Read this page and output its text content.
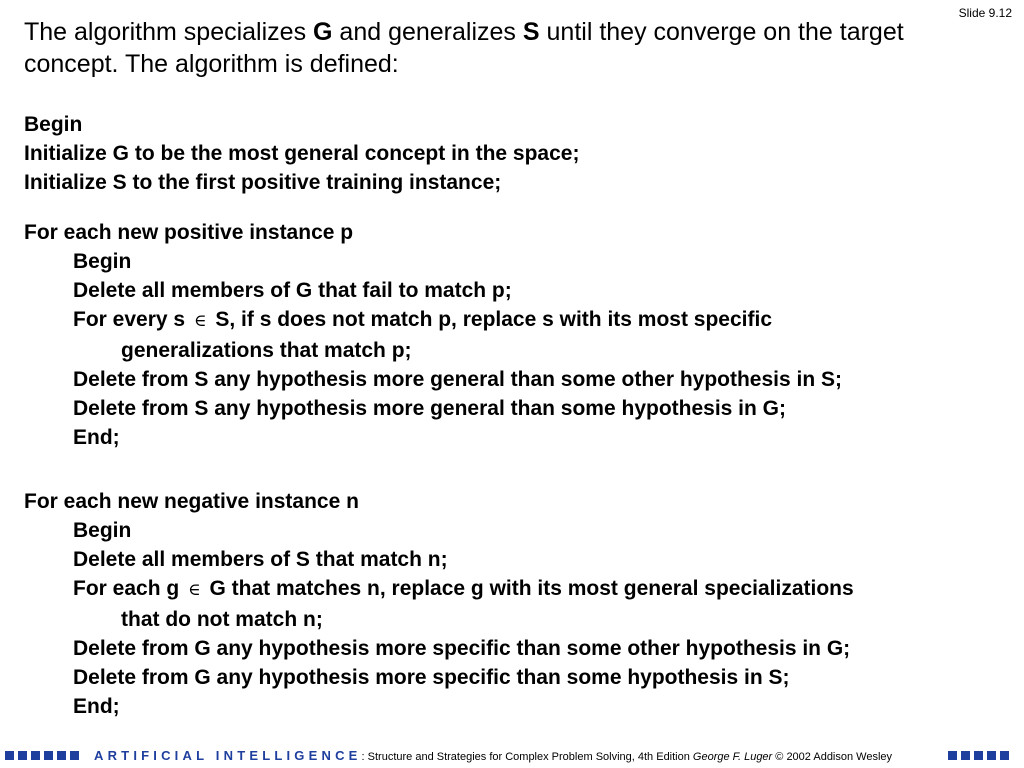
Slide 9.12

The algorithm specializes G and generalizes S until they converge on the target concept. The algorithm is defined:

Begin
Initialize G to be the most general concept in the space;
Initialize S to the first positive training instance;
For each new positive instance p
Begin
Delete all members of G that fail to match p;
For every s ∈ S, if s does not match p, replace s with its most specific
generalizations that match p;
Delete from S any hypothesis more general than some other hypothesis in S;
Delete from S any hypothesis more general than some hypothesis in G;
End;
For each new negative instance n
Begin
Delete all members of S that match n;
For each g ∈ G that matches n, replace g with its most general specializations
that do not match n;
Delete from G any hypothesis more specific than some other hypothesis in G;
Delete from G any hypothesis more specific than some hypothesis in S;
End;
ARTIFICIAL INTELLIGENCE: Structure and Strategies for Complex Problem Solving, 4th Edition George F. Luger © 2002 Addison Wesley
